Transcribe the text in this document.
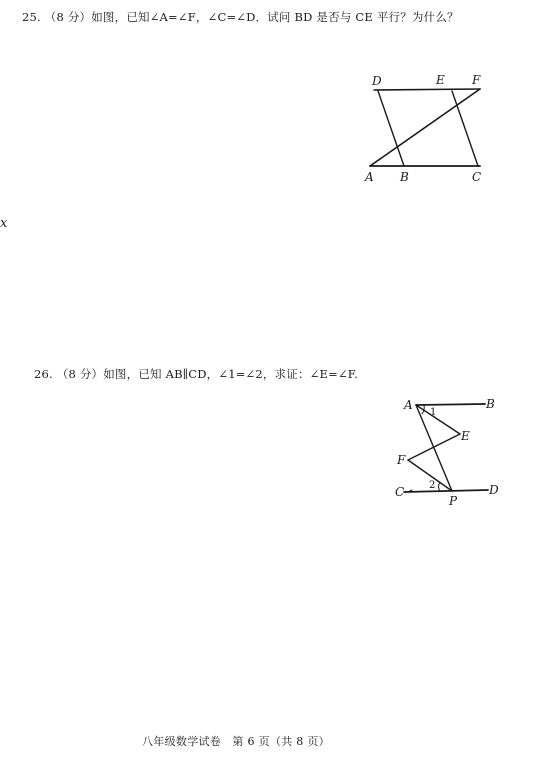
25. （8 分）如图，已知∠A=∠F，∠C=∠D．试问 BD 是否与 CE 平行？为什么？
D	E F
A B	C
x
26. （8 分）如图，已知 AB∥CD，∠1=∠2，求证：∠E=∠F.
A	B
E
F
C
P
D
1
2
八年级数学试卷　第 6 页（共 8 页）
